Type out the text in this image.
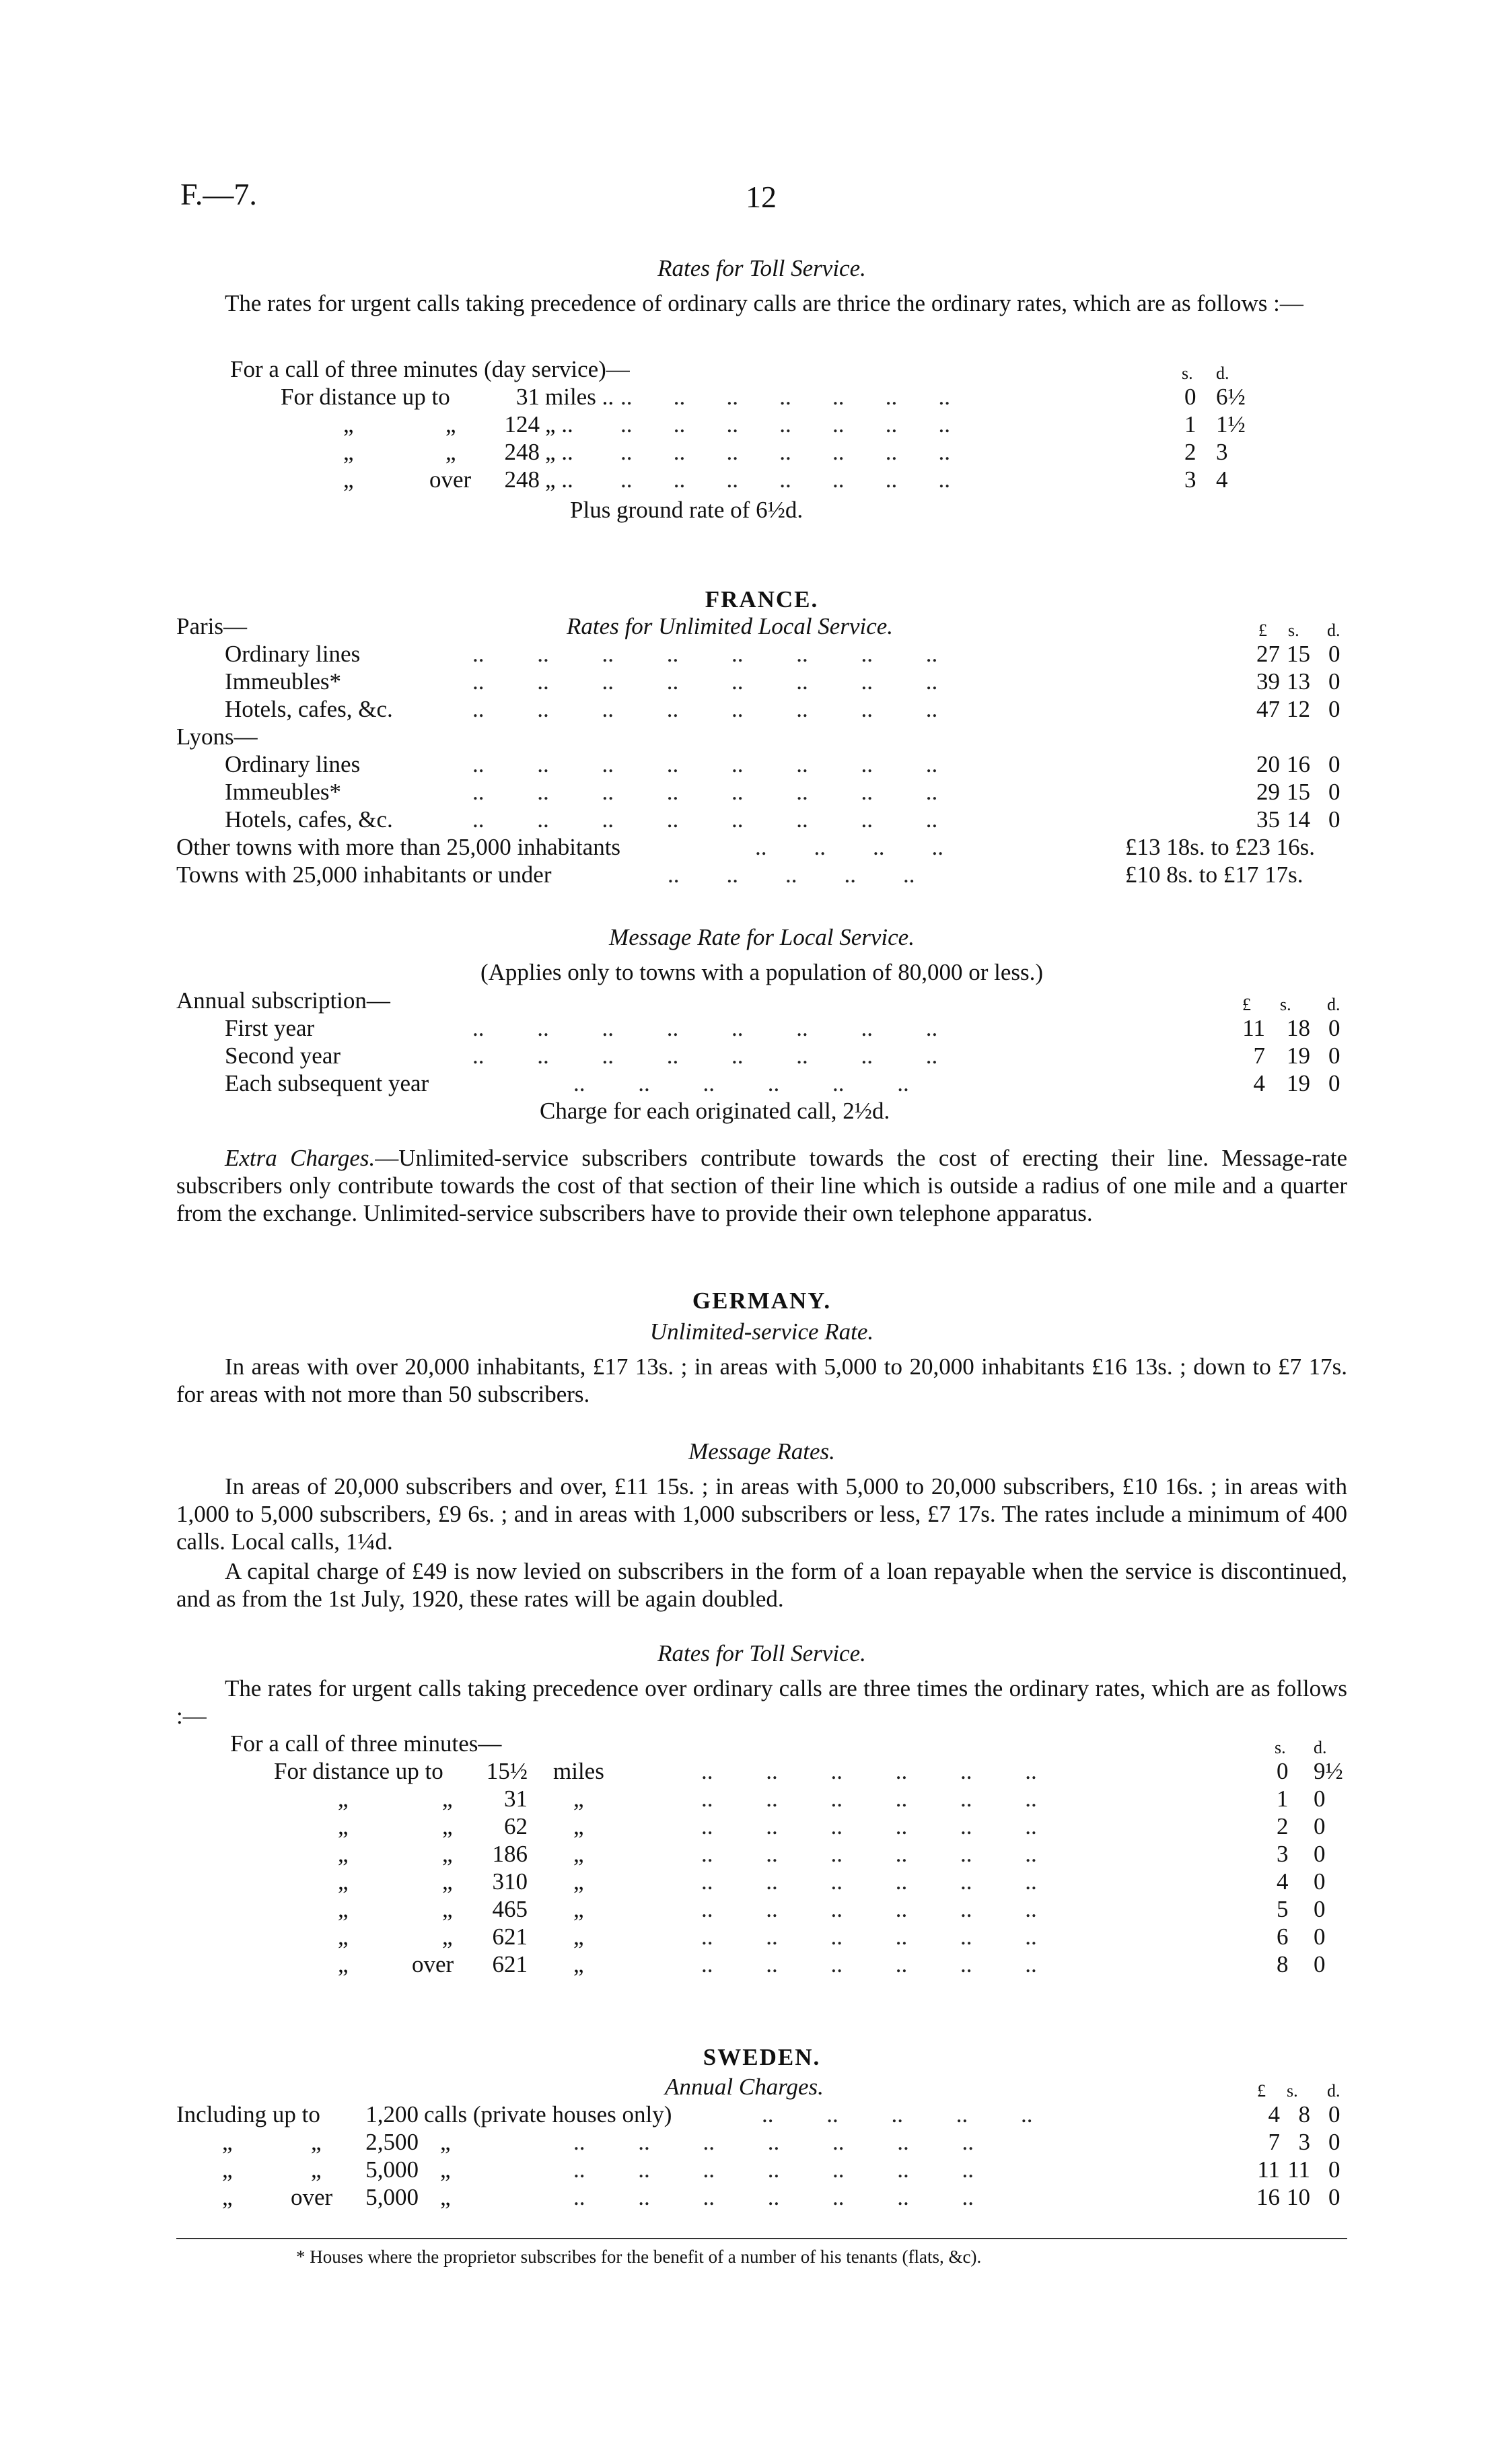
F.—7.	12
Rates for Toll Service.
The rates for urgent calls taking precedence of ordinary calls are thrice the ordinary rates, which are as follows :—
For a call of three minutes (day service)—	s. d.
For distance up to	31 miles .. ..       ..       ..       ..       ..       ..       ..	0 6½
„	„ 124 „ .. ..       ..       ..       ..       ..       ..       ..	1 1½
„	„ 248 „ .. ..       ..       ..       ..       ..       ..       ..	2 3
„	over 248 „ .. ..       ..       ..       ..       ..       ..       ..	3 4
Plus ground rate of 6½d.
FRANCE.
Paris—	Rates for Unlimited Local Service.	£ s. d.
Ordinary lines	..         ..         ..         ..         ..         ..         ..         ..	27 15 0
Immeubles*	..         ..         ..         ..         ..         ..         ..         ..	39 13 0
Hotels, cafes, &c.	..         ..         ..         ..         ..         ..         ..         ..	47 12 0
Lyons—
Ordinary lines	..         ..         ..         ..         ..         ..         ..         ..	20 16 0
Immeubles*	..         ..         ..         ..         ..         ..         ..         ..	29 15 0
Hotels, cafes, &c.	..         ..         ..         ..         ..         ..         ..         ..	35 14 0
Other towns with more than 25,000 inhabitants	..        ..        ..        ..	£13 18s. to £23 16s.
Towns with 25,000 inhabitants or under	..        ..        ..        ..        ..	£10 8s. to £17 17s.
Message Rate for Local Service.
(Applies only to towns with a population of 80,000 or less.)
Annual subscription—	£ s. d.
First year	..         ..         ..         ..         ..         ..         ..         ..	11 18 0
Second year	..         ..         ..         ..         ..         ..         ..         ..	7 19 0
Each subsequent year	..         ..         ..         ..         ..         ..	4 19 0
Charge for each originated call, 2½d.
Extra Charges.—Unlimited-service subscribers contribute towards the cost of erecting their line. Message-rate subscribers only contribute towards the cost of that section of their line which is outside a radius of one mile and a quarter from the exchange. Unlimited-service subscribers have to provide their own telephone apparatus.
GERMANY.
Unlimited-service Rate.
In areas with over 20,000 inhabitants, £17 13s. ; in areas with 5,000 to 20,000 inhabitants £16 13s. ; down to £7 17s. for areas with not more than 50 subscribers.
Message Rates.
In areas of 20,000 subscribers and over, £11 15s. ; in areas with 5,000 to 20,000 subscribers, £10 16s. ; in areas with 1,000 to 5,000 subscribers, £9 6s. ; and in areas with 1,000 subscribers or less, £7 17s. The rates include a minimum of 400 calls. Local calls, 1¼d.
A capital charge of £49 is now levied on subscribers in the form of a loan repayable when the service is discontinued, and as from the 1st July, 1920, these rates will be again doubled.
Rates for Toll Service.
The rates for urgent calls taking precedence over ordinary calls are three times the ordinary rates, which are as follows :—
For a call of three minutes—	s. d.
For distance up to 15½ miles	..         ..         ..         ..         ..         ..	0 9½
„	„ 31 „	..         ..         ..         ..         ..         ..	1 0
„	„ 62 „	..         ..         ..         ..         ..         ..	2 0
„	„ 186 „	..         ..         ..         ..         ..         ..	3 0
„	„ 310 „	..         ..         ..         ..         ..         ..	4 0
„	„ 465 „	..         ..         ..         ..         ..         ..	5 0
„	„ 621 „	..         ..         ..         ..         ..         ..	6 0
„	over 621 „	..         ..         ..         ..         ..         ..	8 0
SWEDEN.
Annual Charges.	£ s. d.
Including up to 1,200 calls (private houses only)	..         ..         ..         ..         ..	4 8 0
„	„ 2,500 „	..         ..         ..         ..         ..         ..         ..	7 3 0
„	„ 5,000 „	..         ..         ..         ..         ..         ..         ..	11 11 0
„ over 5,000 „	..         ..         ..         ..         ..         ..         ..	16 10 0
* Houses where the proprietor subscribes for the benefit of a number of his tenants (flats, &c).
